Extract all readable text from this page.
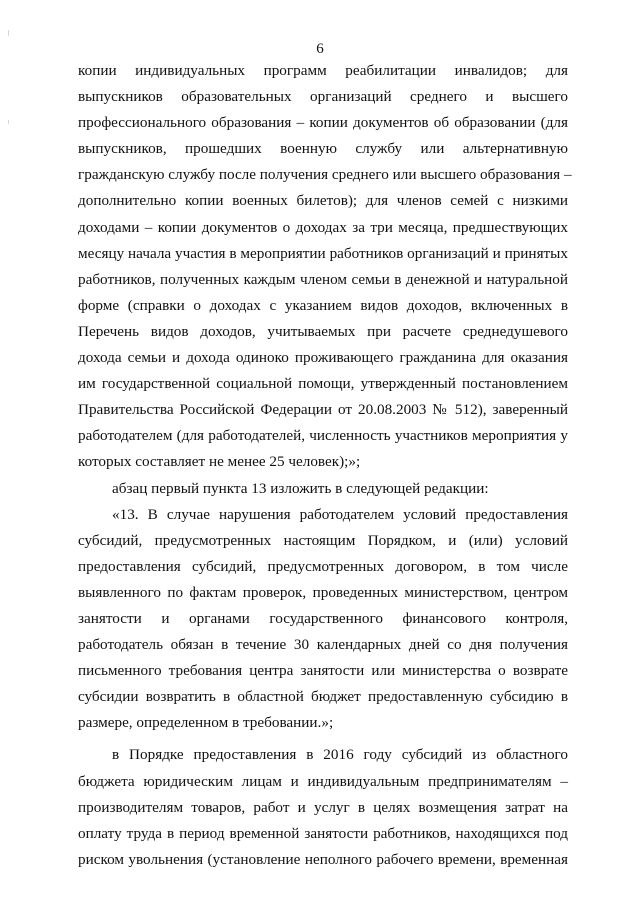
6
копии индивидуальных программ реабилитации инвалидов; для
выпускников образовательных организаций среднего и высшего
профессионального образования – копии документов об образовании (для
выпускников, прошедших военную службу или альтернативную
гражданскую службу после получения среднего или высшего образования –
дополнительно копии военных билетов); для членов семей с низкими
доходами – копии документов о доходах за три месяца, предшествующих
месяцу начала участия в мероприятии работников организаций и принятых
работников, полученных каждым членом семьи в денежной и натуральной
форме (справки о доходах с указанием видов доходов, включенных в
Перечень видов доходов, учитываемых при расчете среднедушевого
дохода семьи и дохода одиноко проживающего гражданина для оказания
им государственной социальной помощи, утвержденный постановлением
Правительства Российской Федерации от 20.08.2003 № 512), заверенный
работодателем (для работодателей, численность участников мероприятия у
которых составляет не менее 25 человек);»;
абзац первый пункта 13 изложить в следующей редакции:
«13. В случае нарушения работодателем условий предоставления
субсидий, предусмотренных настоящим Порядком, и (или) условий
предоставления субсидий, предусмотренных договором, в том числе
выявленного по фактам проверок, проведенных министерством, центром
занятости и органами государственного финансового контроля,
работодатель обязан в течение 30 календарных дней со дня получения
письменного требования центра занятости или министерства о возврате
субсидии возвратить в областной бюджет предоставленную субсидию в
размере, определенном в требовании.»;
в Порядке предоставления в 2016 году субсидий из областного
бюджета юридическим лицам и индивидуальным предпринимателям –
производителям товаров, работ и услуг в целях возмещения затрат на
оплату труда в период временной занятости работников, находящихся под
риском увольнения (установление неполного рабочего времени, временная
